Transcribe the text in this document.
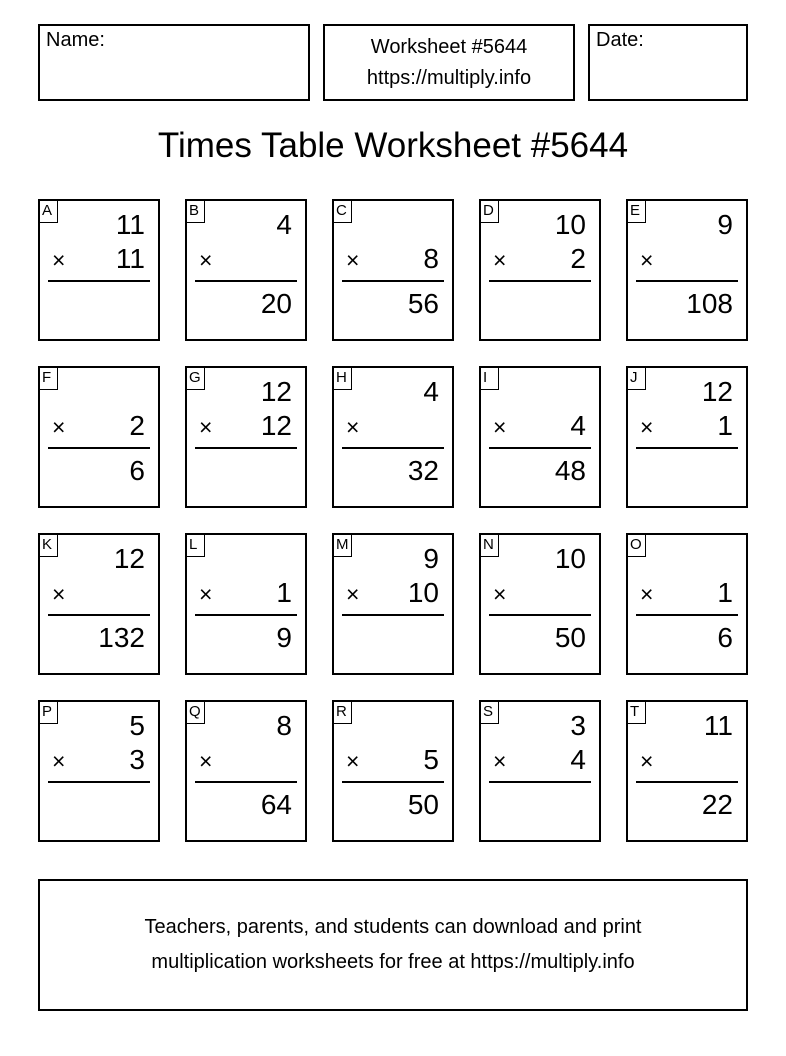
Name:	Worksheet #5644
https://multiply.info
Date:
Times Table Worksheet #5644
A 11
× 11
B	4
×
20
C
× 8
56
D 10
× 2
E	9
×
108
F
× 2
6
G 12
× 12
H	4
×
32
I
× 4
48
J	12
× 1
K 12
×
132
L
× 1
9
M	9
× 10
N 10
×
50
O
× 1
6
P	5
× 3
Q	8
×
64
R
× 5
50
S	3
× 4
T 11
×
22
Teachers, parents, and students can download and print
multiplication worksheets for free at https://multiply.info
